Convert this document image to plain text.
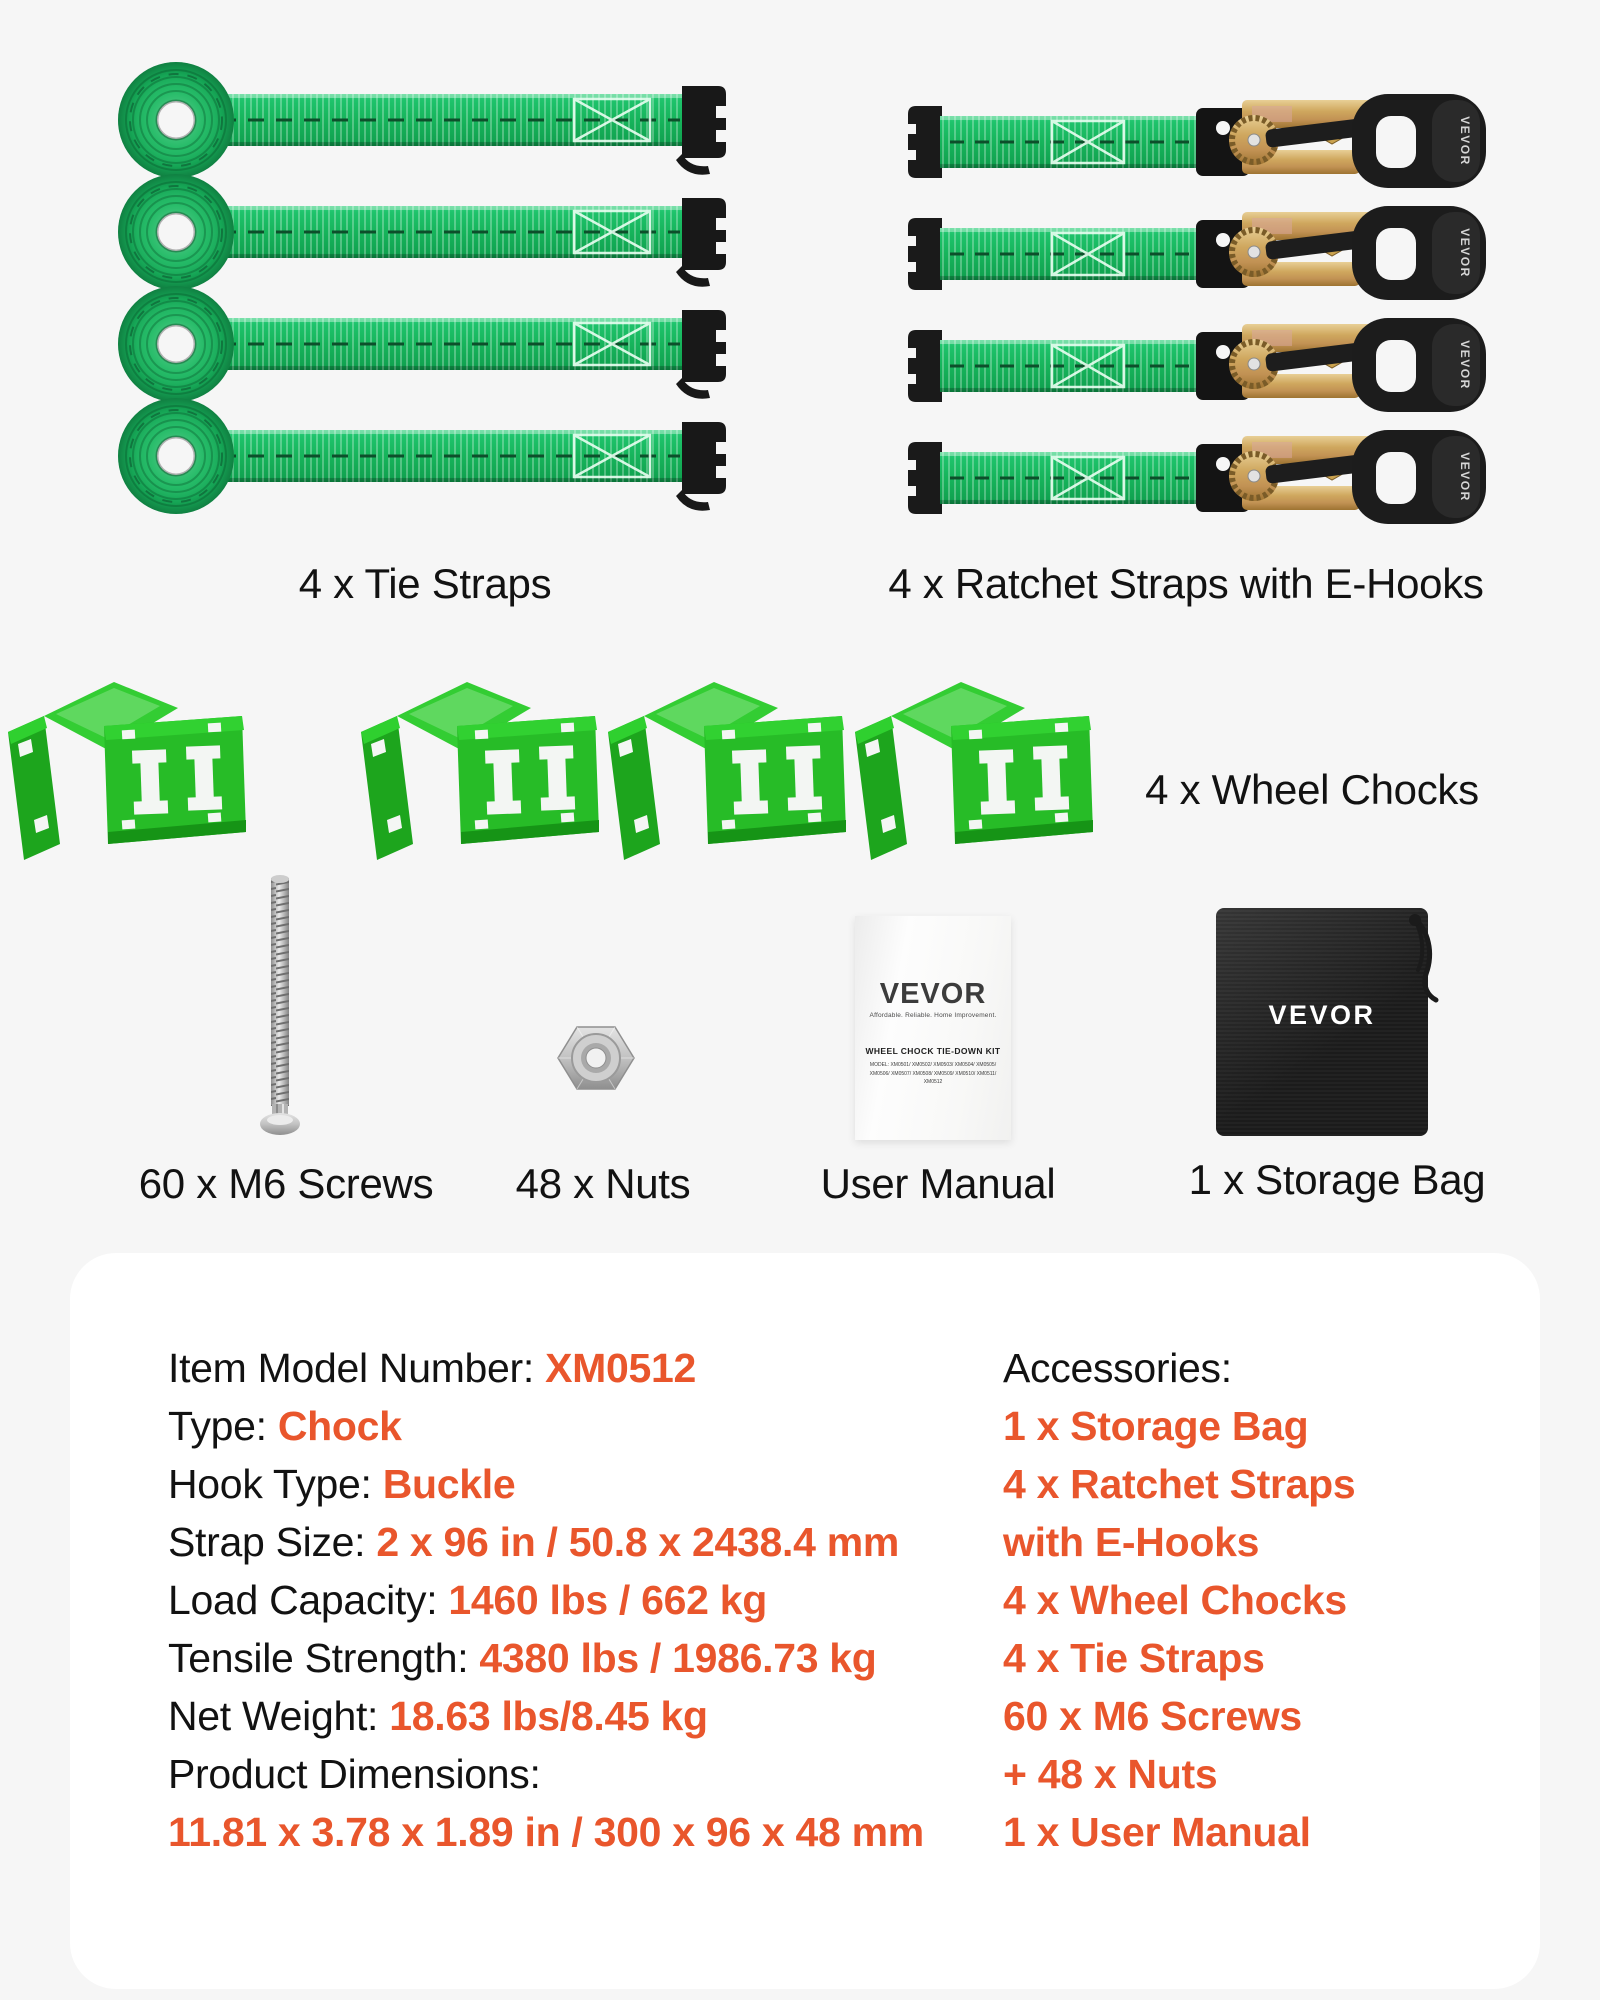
4 x Tie Straps	4 x Ratchet Straps with E-Hooks
4 x Wheel Chocks
60 x M6 Screws 48 x Nuts
VEVOR
Affordable. Reliable. Home Improvement.
WHEEL CHOCK TIE-DOWN KIT
MODEL: XM0501/ XM0502/ XM0503/ XM0504/ XM0505/ XM0506/ XM0507/ XM0508/ XM0509/ XM0510/ XM0511/ XM0512
User Manual
VEVOR
1 x Storage Bag
Item Model Number: XM0512
Type: Chock
Hook Type: Buckle
Strap Size: 2 x 96 in / 50.8 x 2438.4 mm
Load Capacity: 1460 lbs / 662 kg
Tensile Strength: 4380 lbs / 1986.73 kg
Net Weight: 18.63 lbs/8.45 kg
Product Dimensions:
11.81 x 3.78 x 1.89 in / 300 x 96 x 48 mm
Accessories:
1 x Storage Bag
4 x Ratchet Straps
with E-Hooks
4 x Wheel Chocks
4 x Tie Straps
60 x M6 Screws
+ 48 x Nuts
1 x User Manual
